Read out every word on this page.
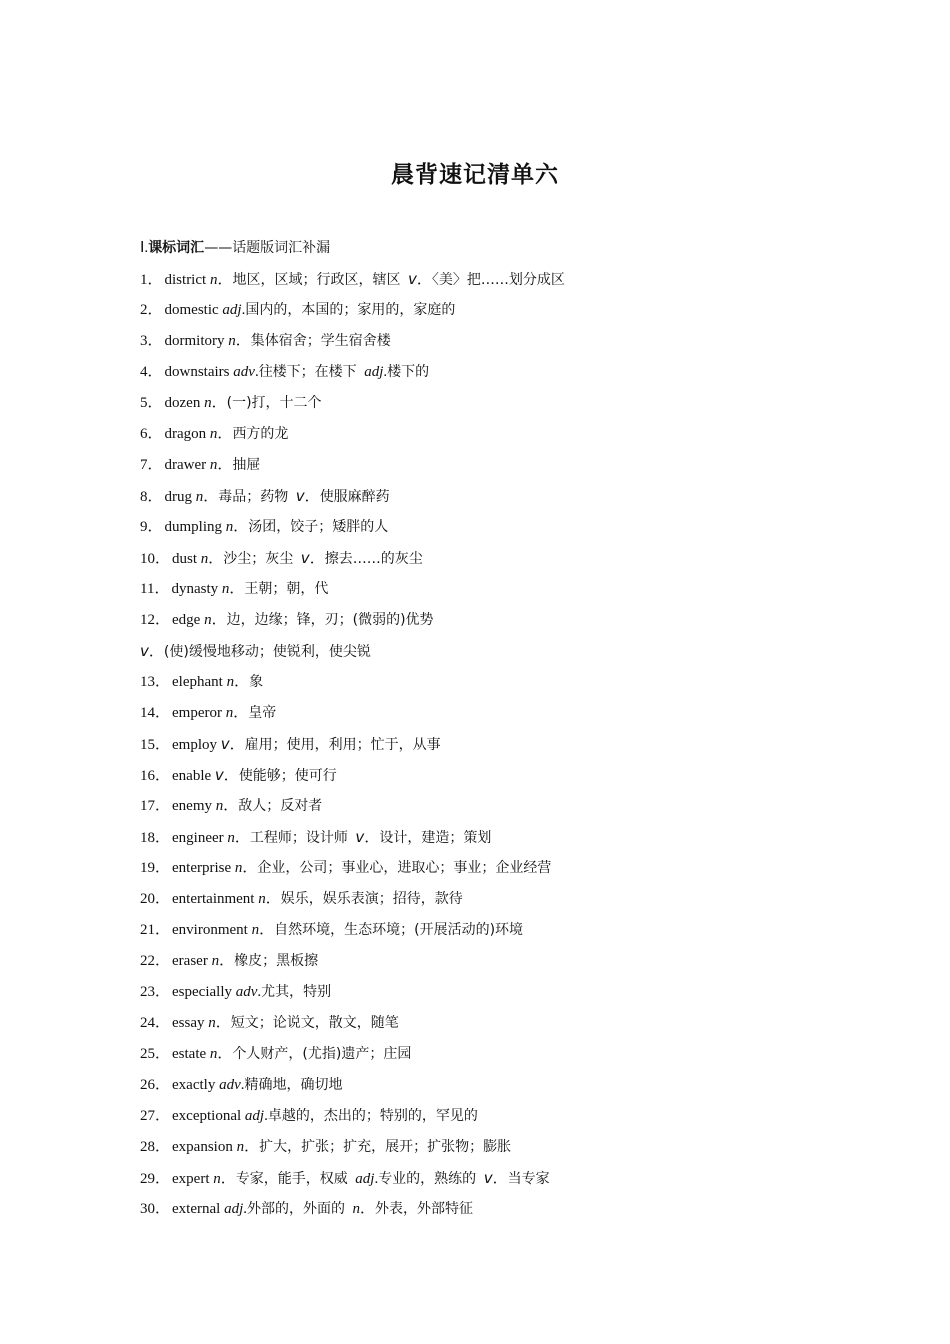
晨背速记清单六
Ⅰ.课标词汇——话题版词汇补漏
1． district n．地区，区域；行政区，辖区 v．〈美〉把……划分成区
2． domestic adj.国内的，本国的；家用的，家庭的
3． dormitory n．集体宿舍；学生宿舍楼
4． downstairs adv.往楼下；在楼下 adj.楼下的
5． dozen n．(一)打，十二个
6． dragon n．西方的龙
7． drawer n．抽屉
8． drug n．毒品；药物 v．使服麻醉药
9． dumpling n．汤团，饺子；矮胖的人
10． dust n．沙尘；灰尘 v．擦去……的灰尘
11． dynasty n．王朝；朝，代
12． edge n．边，边缘；锋，刃；(微弱的)优势
v．(使)缓慢地移动；使锐利，使尖锐
13． elephant n．象
14． emperor n．皇帝
15． employ v．雇用；使用，利用；忙于，从事
16． enable v．使能够；使可行
17． enemy n．敌人；反对者
18． engineer n．工程师；设计师 v．设计，建造；策划
19． enterprise n．企业，公司；事业心，进取心；事业；企业经营
20． entertainment n．娱乐，娱乐表演；招待，款待
21． environment n．自然环境，生态环境；(开展活动的)环境
22． eraser n．橡皮；黑板擦
23． especially adv.尤其，特别
24． essay n．短文；论说文，散文，随笔
25． estate n．个人财产，(尤指)遗产；庄园
26． exactly adv.精确地，确切地
27． exceptional adj.卓越的，杰出的；特别的，罕见的
28． expansion n．扩大，扩张；扩充，展开；扩张物；膨胀
29． expert n．专家，能手，权威 adj.专业的，熟练的 v．当专家
30． external adj.外部的，外面的 n．外表，外部特征
